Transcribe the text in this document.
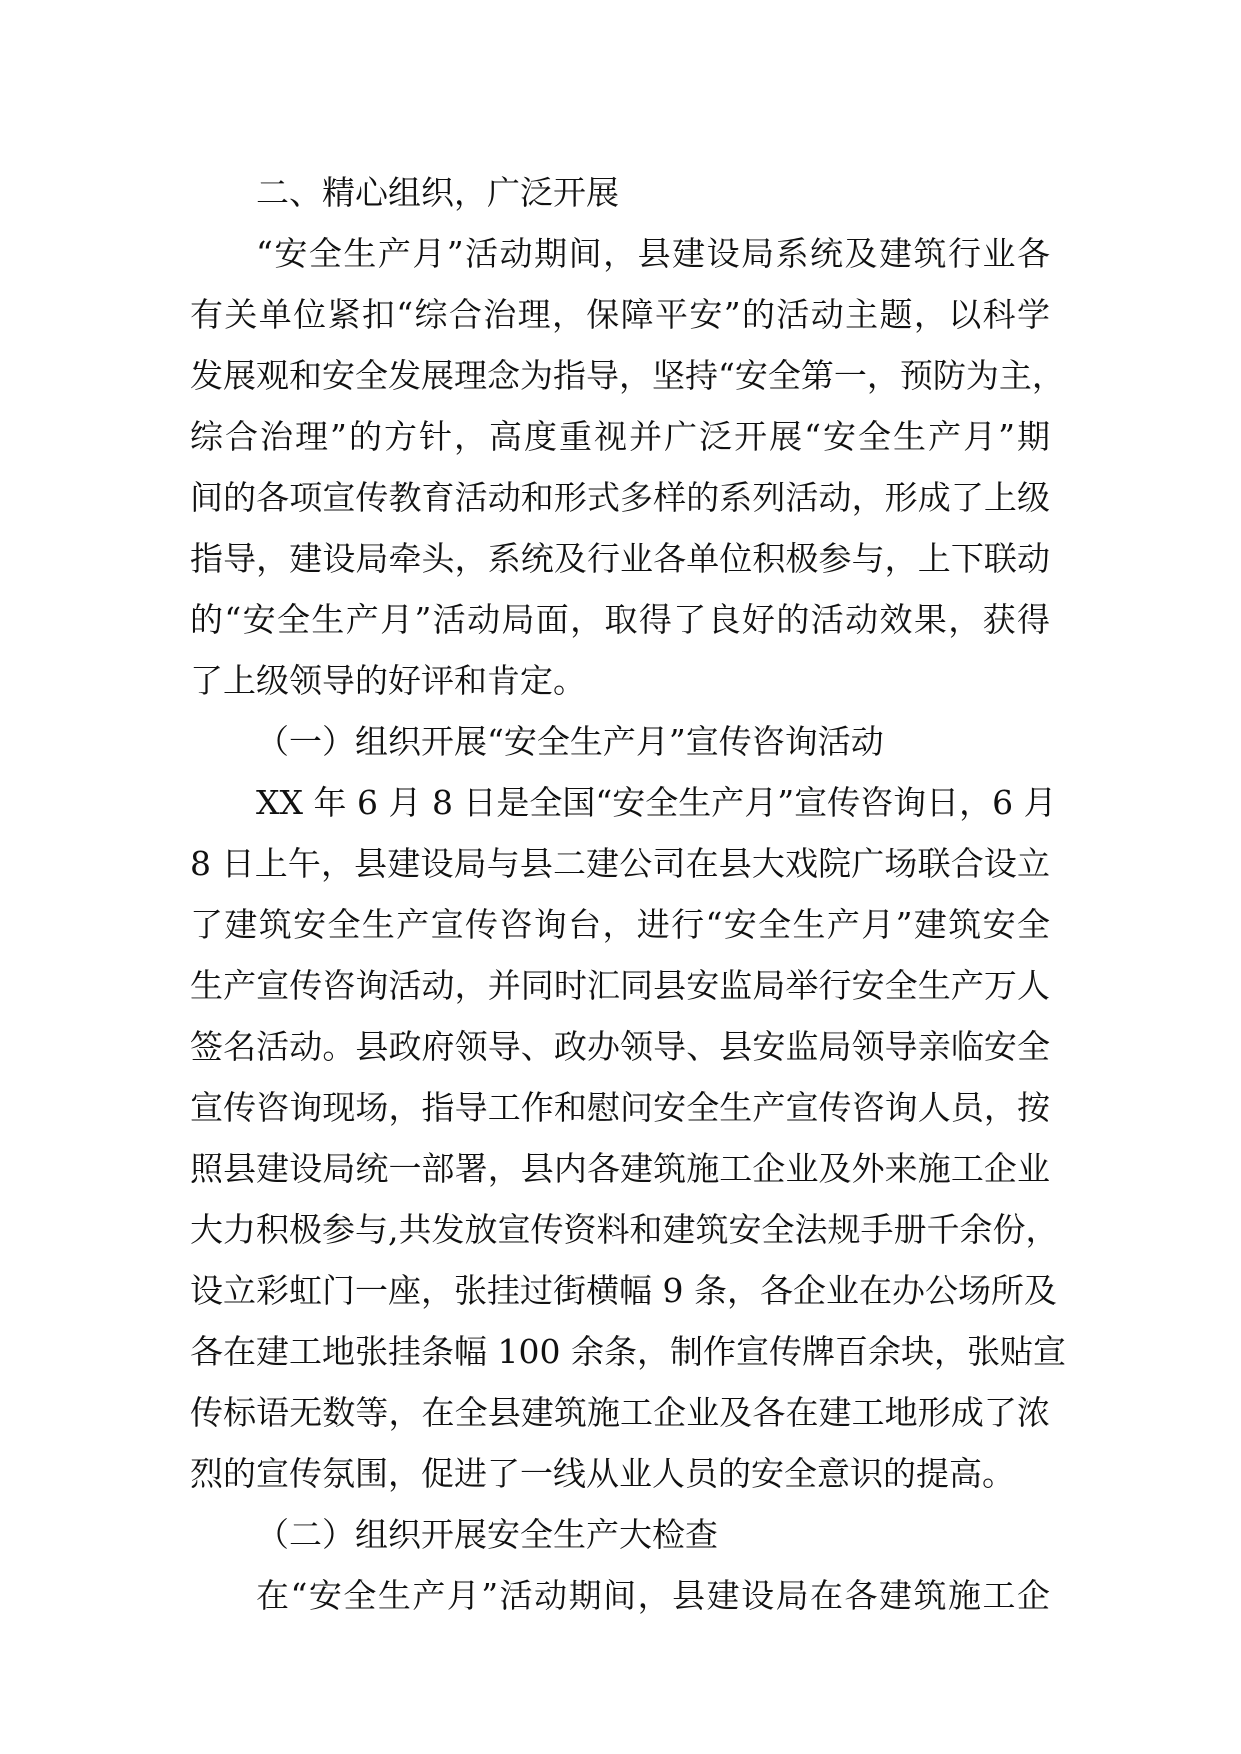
二、精心组织，广泛开展
“安全生产月”活动期间，县建设局系统及建筑行业各
有关单位紧扣“综合治理，保障平安”的活动主题，以科学
发展观和安全发展理念为指导，坚持“安全第一，预防为主，
综合治理”的方针，高度重视并广泛开展“安全生产月”期
间的各项宣传教育活动和形式多样的系列活动，形成了上级
指导，建设局牵头，系统及行业各单位积极参与，上下联动
的“安全生产月”活动局面，取得了良好的活动效果，获得
了上级领导的好评和肯定。
（一）组织开展“安全生产月”宣传咨询活动
XX 年 6 月 8 日是全国“安全生产月”宣传咨询日，6 月
8 日上午，县建设局与县二建公司在县大戏院广场联合设立
了建筑安全生产宣传咨询台，进行“安全生产月”建筑安全
生产宣传咨询活动，并同时汇同县安监局举行安全生产万人
签名活动。县政府领导、政办领导、县安监局领导亲临安全
宣传咨询现场，指导工作和慰问安全生产宣传咨询人员，按
照县建设局统一部署，县内各建筑施工企业及外来施工企业
大力积极参与,共发放宣传资料和建筑安全法规手册千余份，
设立彩虹门一座，张挂过街横幅 9 条，各企业在办公场所及
各在建工地张挂条幅 100 余条，制作宣传牌百余块，张贴宣
传标语无数等，在全县建筑施工企业及各在建工地形成了浓
烈的宣传氛围，促进了一线从业人员的安全意识的提高。
（二）组织开展安全生产大检查
在“安全生产月”活动期间，县建设局在各建筑施工企
